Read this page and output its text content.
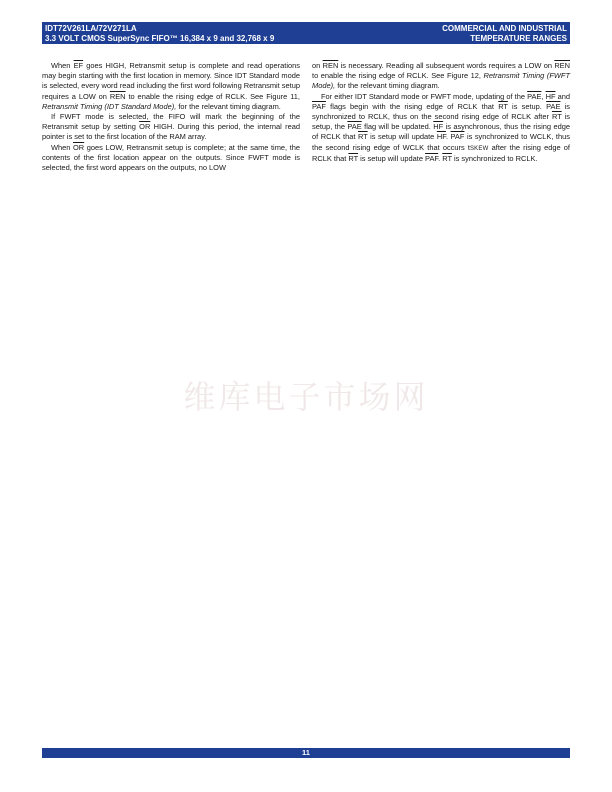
IDT72V261LA/72V271LA
3.3 VOLT CMOS SuperSync FIFO™ 16,384 x 9 and 32,768 x 9
COMMERCIAL AND INDUSTRIAL
TEMPERATURE RANGES

When $\overline{EF}$ goes HIGH, Retransmit setup is complete and read operations may begin starting with the first location in memory. Since IDT Standard mode is selected, every word read including the first word following Retransmit setup requires a LOW on $\overline{REN}$ to enable the rising edge of RCLK. See Figure 11, Retransmit Timing (IDT Standard Mode), for the relevant timing diagram.

If FWFT mode is selected, the FIFO will mark the beginning of the Retransmit setup by setting $\overline{OR}$ HIGH. During this period, the internal read pointer is set to the first location of the RAM array.

When $\overline{OR}$ goes LOW, Retransmit setup is complete; at the same time, the contents of the first location appear on the outputs. Since FWFT mode is selected, the first word appears on the outputs, no LOW

on $\overline{REN}$ is necessary. Reading all subsequent words requires a LOW on $\overline{REN}$ to enable the rising edge of RCLK. See Figure 12, Retransmit Timing (FWFT Mode), for the relevant timing diagram.

For either IDT Standard mode or FWFT mode, updating of the $\overline{PAE}$, $\overline{HF}$ and $\overline{PAF}$ flags begin with the rising edge of RCLK that $\overline{RT}$ is setup. $\overline{PAE}$ is synchronized to RCLK, thus on the second rising edge of RCLK after $\overline{RT}$ is setup, the $\overline{PAE}$ flag will be updated. $\overline{HF}$ is asynchronous, thus the rising edge of RCLK that $\overline{RT}$ is setup will update $\overline{HF}$. $\overline{PAF}$ is synchronized to WCLK, thus the second rising edge of WCLK that occurs tSKEW after the rising edge of RCLK that $\overline{RT}$ is setup will update $\overline{PAF}$. $\overline{RT}$ is synchronized to RCLK.

维库电子市场网
11
